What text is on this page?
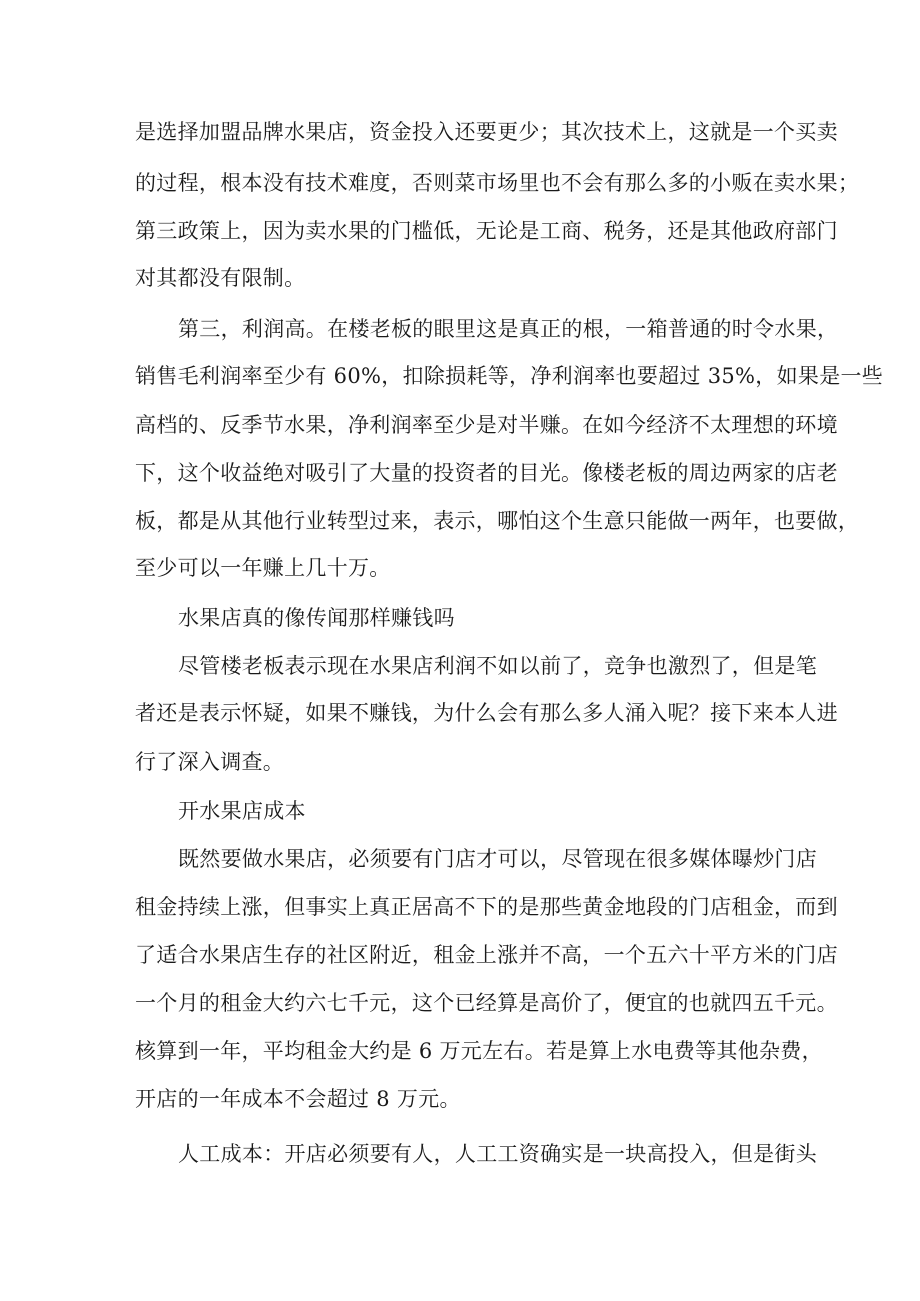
是选择加盟品牌水果店，资金投入还要更少；其次技术上，这就是一个买卖
的过程，根本没有技术难度，否则菜市场里也不会有那么多的小贩在卖水果；
第三政策上，因为卖水果的门槛低，无论是工商、税务，还是其他政府部门
对其都没有限制。
第三，利润高。在楼老板的眼里这是真正的根，一箱普通的时令水果，
销售毛利润率至少有 60%，扣除损耗等，净利润率也要超过 35%，如果是一些
高档的、反季节水果，净利润率至少是对半赚。在如今经济不太理想的环境
下，这个收益绝对吸引了大量的投资者的目光。像楼老板的周边两家的店老
板，都是从其他行业转型过来，表示，哪怕这个生意只能做一两年，也要做，
至少可以一年赚上几十万。
水果店真的像传闻那样赚钱吗
尽管楼老板表示现在水果店利润不如以前了，竞争也激烈了，但是笔
者还是表示怀疑，如果不赚钱，为什么会有那么多人涌入呢？接下来本人进
行了深入调查。
开水果店成本
既然要做水果店，必须要有门店才可以，尽管现在很多媒体曝炒门店
租金持续上涨，但事实上真正居高不下的是那些黄金地段的门店租金，而到
了适合水果店生存的社区附近，租金上涨并不高，一个五六十平方米的门店
一个月的租金大约六七千元，这个已经算是高价了，便宜的也就四五千元。
核算到一年，平均租金大约是 6 万元左右。若是算上水电费等其他杂费，
开店的一年成本不会超过 8 万元。
人工成本：开店必须要有人，人工工资确实是一块高投入，但是街头
